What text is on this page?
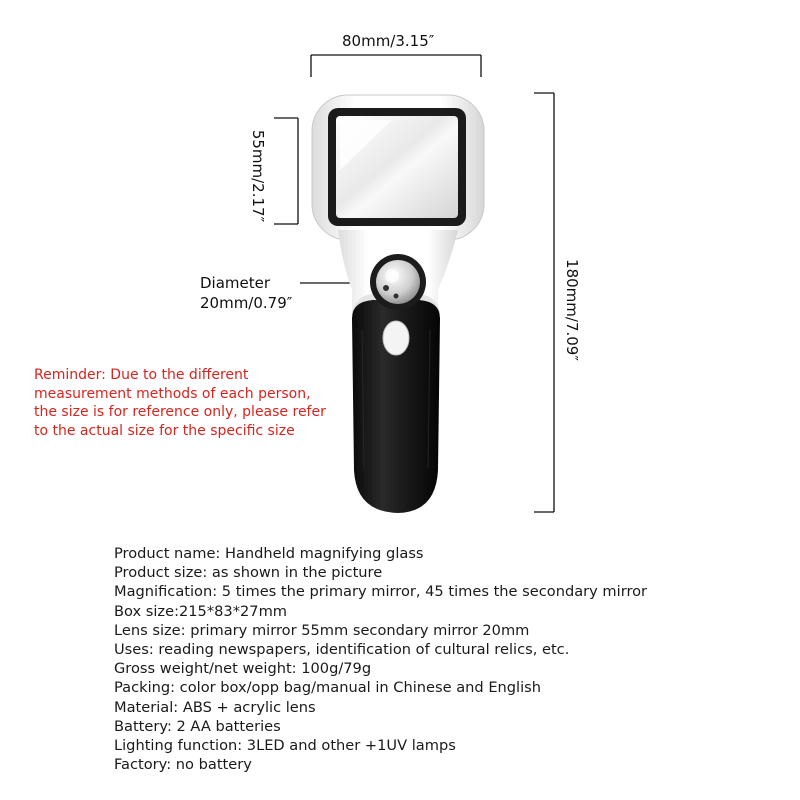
80mm/3.15″
55mm/2.17″
180mm/7.09″
Diameter
20mm/0.79″
Reminder: Due to the different
measurement methods of each person,
the size is for reference only, please refer
to the actual size for the specific size
Product name: Handheld magnifying glass
Product size: as shown in the picture
Magnification: 5 times the primary mirror, 45 times the secondary mirror
Box size:215*83*27mm
Lens size: primary mirror 55mm secondary mirror 20mm
Uses: reading newspapers, identification of cultural relics, etc.
Gross weight/net weight: 100g/79g
Packing: color box/opp bag/manual in Chinese and English
Material: ABS + acrylic lens
Battery: 2 AA batteries
Lighting function: 3LED and other +1UV lamps
Factory: no battery
